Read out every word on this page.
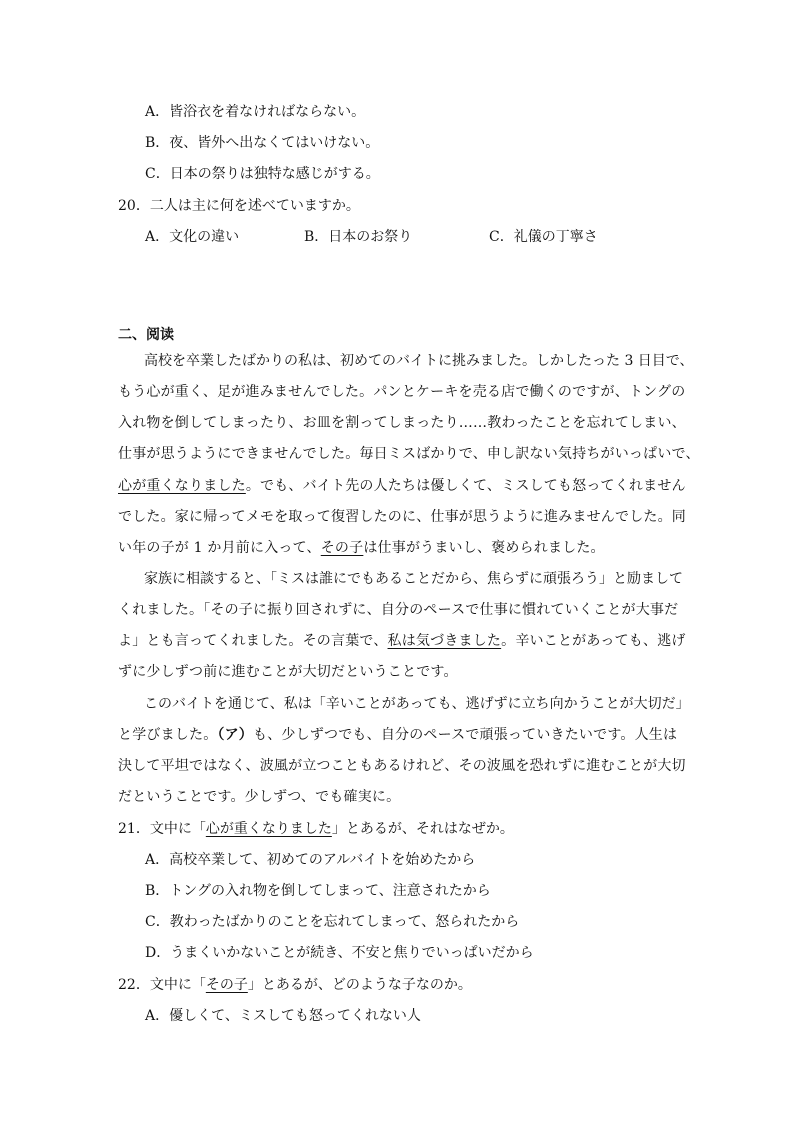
A．皆浴衣を着なければならない。
B．夜、皆外へ出なくてはいけない。
C．日本の祭りは独特な感じがする。
20．二人は主に何を述べていますか。
A．文化の違い	B．日本のお祭り	C．礼儀の丁寧さ
二、阅读
高校を卒業したばかりの私は、初めてのバイトに挑みました。しかしたった 3 日目で、
もう心が重く、足が進みませんでした。パンとケーキを売る店で働くのですが、トングの
入れ物を倒してしまったり、お皿を割ってしまったり……教わったことを忘れてしまい、
仕事が思うようにできませんでした。毎日ミスばかりで、申し訳ない気持ちがいっぱいで、
心が重くなりました。でも、バイト先の人たちは優しくて、ミスしても怒ってくれません
でした。家に帰ってメモを取って復習したのに、仕事が思うように進みませんでした。同
い年の子が 1 か月前に入って、その子は仕事がうまいし、褒められました。
家族に相談すると、「ミスは誰にでもあることだから、焦らずに頑張ろう」と励まして
くれました。「その子に振り回されずに、自分のペースで仕事に慣れていくことが大事だ
よ」とも言ってくれました。その言葉で、私は気づきました。辛いことがあっても、逃げ
ずに少しずつ前に進むことが大切だということです。
このバイトを通じて、私は「辛いことがあっても、逃げずに立ち向かうことが大切だ」
と学びました。（ア）も、少しずつでも、自分のペースで頑張っていきたいです。人生は
決して平坦ではなく、波風が立つこともあるけれど、その波風を恐れずに進むことが大切
だということです。少しずつ、でも確実に。
21．文中に「心が重くなりました」とあるが、それはなぜか。
A．高校卒業して、初めてのアルバイトを始めたから
B．トングの入れ物を倒してしまって、注意されたから
C．教わったばかりのことを忘れてしまって、怒られたから
D．うまくいかないことが続き、不安と焦りでいっぱいだから
22．文中に「その子」とあるが、どのような子なのか。
A．優しくて、ミスしても怒ってくれない人
